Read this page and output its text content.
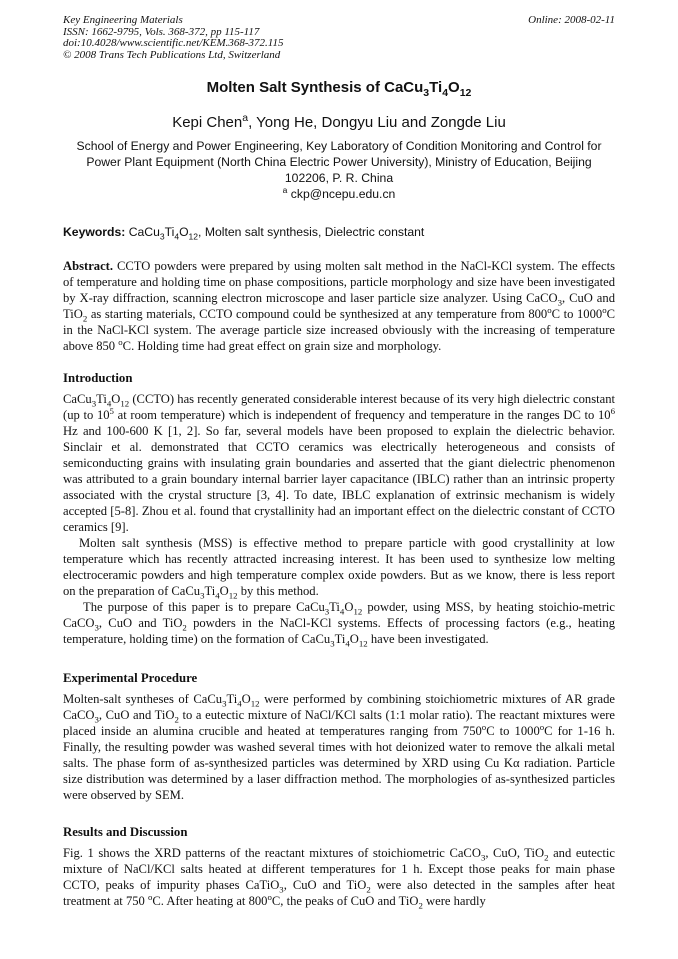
Key Engineering Materials
ISSN: 1662-9795, Vols. 368-372, pp 115-117
doi:10.4028/www.scientific.net/KEM.368-372.115
© 2008 Trans Tech Publications Ltd, Switzerland
Online: 2008-02-11
Molten Salt Synthesis of $CaCu_3Ti_4O_{12}$
Kepi Chen$^a$, Yong He, Dongyu Liu and Zongde Liu
School of Energy and Power Engineering, Key Laboratory of Condition Monitoring and Control for
Power Plant Equipment (North China Electric Power University), Ministry of Education, Beijing
102206, P. R. China
$^a$ ckp@ncepu.edu.cn
Keywords: $CaCu_3Ti_4O_{12}$, Molten salt synthesis, Dielectric constant

Abstract. CCTO powders were prepared by using molten salt method in the NaCl-KCl system. The effects of temperature and holding time on phase compositions, particle morphology and size have been investigated by X-ray diffraction, scanning electron microscope and laser particle size analyzer. Using CaCO$_3$, CuO and TiO$_2$ as starting materials, CCTO compound could be synthesized at any temperature from 800$^o$C to 1000$^o$C in the NaCl-KCl system. The average particle size increased obviously with the increasing of temperature above 850 $^o$C. Holding time had great effect on grain size and morphology.

Introduction

$CaCu_3Ti_4O_{12}$ (CCTO) has recently generated considerable interest because of its very high dielectric constant (up to $10^5$ at room temperature) which is independent of frequency and temperature in the ranges DC to $10^6$ Hz and 100-600 K [1, 2]. So far, several models have been proposed to explain the dielectric behavior. Sinclair et al. demonstrated that CCTO ceramics was electrically heterogeneous and consists of semiconducting grains with insulating grain boundaries and asserted that the giant dielectric phenomenon was attributed to a grain boundary internal barrier layer capacitance (IBLC) rather than an intrinsic property associated with the crystal structure [3, 4]. To date, IBLC explanation of extrinsic mechanism is widely accepted [5-8]. Zhou et al. found that crystallinity had an important effect on the dielectric constant of CCTO ceramics [9].

Molten salt synthesis (MSS) is effective method to prepare particle with good crystallinity at low temperature which has recently attracted increasing interest. It has been used to synthesize low melting electroceramic powders and high temperature complex oxide powders. But as we know, there is less report on the preparation of $CaCu_3Ti_4O_{12}$ by this method.

The purpose of this paper is to prepare $CaCu_3Ti_4O_{12}$ powder, using MSS, by heating stoichio-metric CaCO$_3$, CuO and TiO$_2$ powders in the NaCl-KCl systems. Effects of processing factors (e.g., heating temperature, holding time) on the formation of $CaCu_3Ti_4O_{12}$ have been investigated.

Experimental Procedure

Molten-salt syntheses of $CaCu_3Ti_4O_{12}$ were performed by combining stoichiometric mixtures of AR grade CaCO$_3$, CuO and TiO$_2$ to a eutectic mixture of NaCl/KCl salts (1:1 molar ratio). The reactant mixtures were placed inside an alumina crucible and heated at temperatures ranging from 750$^o$C to 1000$^o$C for 1-16 h. Finally, the resulting powder was washed several times with hot deionized water to remove the alkali metal salts. The phase form of as-synthesized particles was determined by XRD using Cu Kα radiation. Particle size distribution was determined by a laser diffraction method. The morphologies of as-synthesized particles were observed by SEM.

Results and Discussion

Fig. 1 shows the XRD patterns of the reactant mixtures of stoichiometric CaCO$_3$, CuO, TiO$_2$ and eutectic mixture of NaCl/KCl salts heated at different temperatures for 1 h. Except those peaks for main phase CCTO, peaks of impurity phases CaTiO$_3$, CuO and TiO$_2$ were also detected in the samples after heat treatment at 750 $^o$C. After heating at 800$^o$C, the peaks of CuO and TiO$_2$ were hardly
